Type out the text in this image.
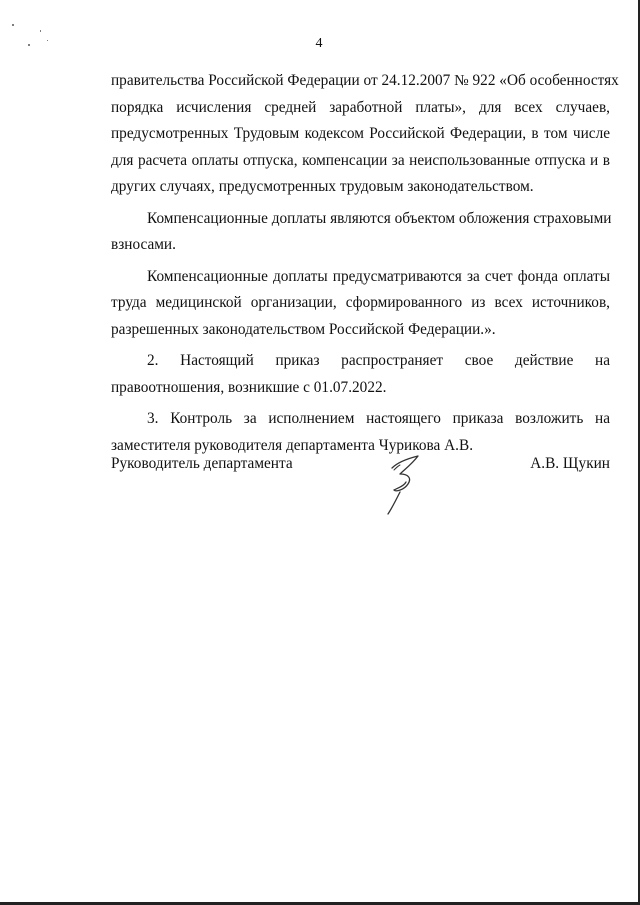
4

правительства Российской Федерации от 24.12.2007 № 922 «Об особенностях
порядка исчисления средней заработной платы», для всех случаев,
предусмотренных Трудовым кодексом Российской Федерации, в том числе
для расчета оплаты отпуска, компенсации за неиспользованные отпуска и в
других случаях, предусмотренных трудовым законодательством.

Компенсационные доплаты являются объектом обложения страховыми
взносами.

Компенсационные доплаты предусматриваются за счет фонда оплаты
труда медицинской организации, сформированного из всех источников,
разрешенных законодательством Российской Федерации.».

2. Настоящий приказ распространяет свое действие на
правоотношения, возникшие с 01.07.2022.

3. Контроль за исполнением настоящего приказа возложить на
заместителя руководителя департамента Чурикова А.В.

Руководитель департамента	А.В. Щукин
